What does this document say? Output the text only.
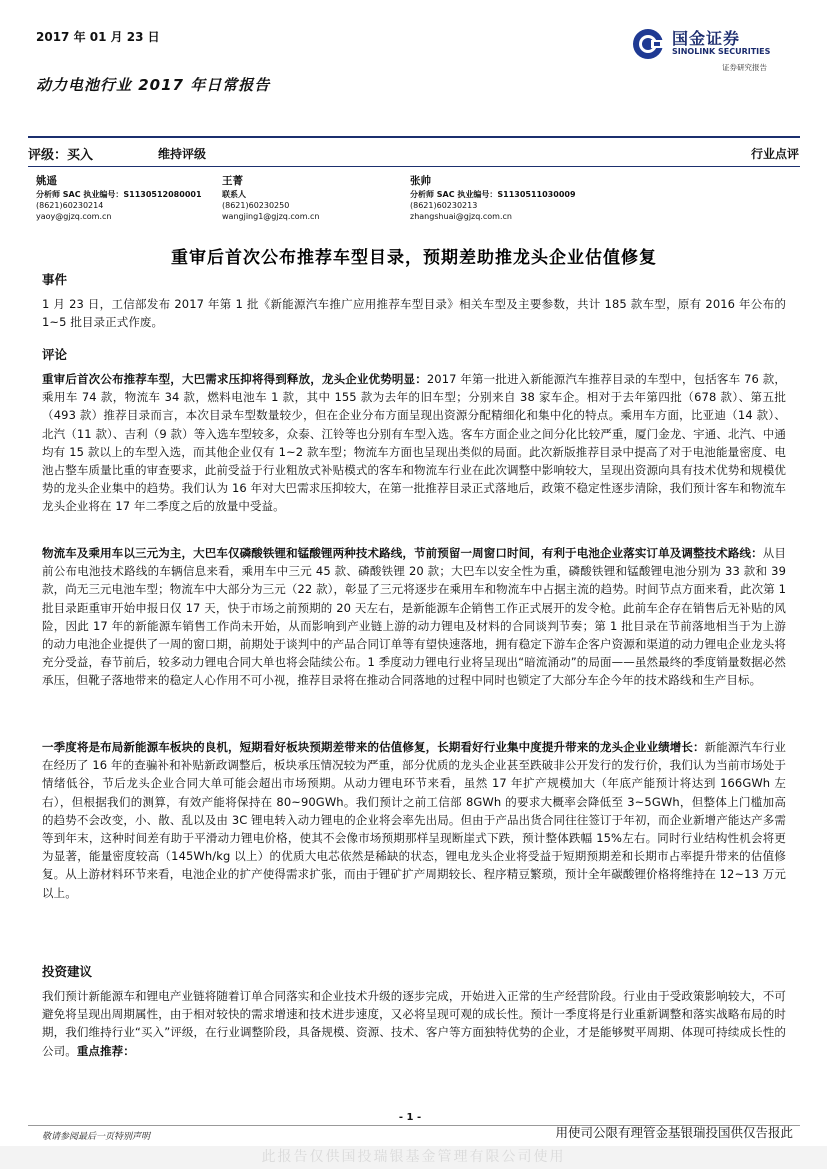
2017 年 01 月 23 日	国金证券
SINOLINK SECURITIES
证券研究报告
动力电池行业 2017 年日常报告
评级：买入	维持评级	行业点评
姚遥
分析师 SAC 执业编号：S1130512080001
(8621)60230214
yaoy@gjzq.com.cn
王菁
联系人
(8621)60230250
wangjing1@gjzq.com.cn
张帅
分析师 SAC 执业编号：S1130511030009
(8621)60230213
zhangshuai@gjzq.com.cn
重审后首次公布推荐车型目录，预期差助推龙头企业估值修复
事件
1 月 23 日，工信部发布 2017 年第 1 批《新能源汽车推广应用推荐车型目录》相关车型及主要参数，共计 185 款车型，原有 2016 年公布的 1~5 批目录正式作废。
评论
重审后首次公布推荐车型，大巴需求压抑将得到释放，龙头企业优势明显：2017 年第一批进入新能源汽车推荐目录的车型中，包括客车 76 款，乘用车 74 款，物流车 34 款，燃料电池车 1 款，其中 155 款为去年的旧车型；分别来自 38 家车企。相对于去年第四批（678 款）、第五批（493 款）推荐目录而言，本次目录车型数量较少，但在企业分布方面呈现出资源分配精细化和集中化的特点。乘用车方面，比亚迪（14 款）、北汽（11 款）、吉利（9 款）等入选车型较多，众泰、江铃等也分别有车型入选。客车方面企业之间分化比较严重，厦门金龙、宇通、北汽、中通均有 15 款以上的车型入选，而其他企业仅有 1~2 款车型；物流车方面也呈现出类似的局面。此次新版推荐目录中提高了对于电池能量密度、电池占整车质量比重的审查要求，此前受益于行业粗放式补贴模式的客车和物流车行业在此次调整中影响较大，呈现出资源向具有技术优势和规模优势的龙头企业集中的趋势。我们认为 16 年对大巴需求压抑较大，在第一批推荐目录正式落地后，政策不稳定性逐步清除，我们预计客车和物流车龙头企业将在 17 年二季度之后的放量中受益。
物流车及乘用车以三元为主，大巴车仅磷酸铁锂和锰酸锂两种技术路线，节前预留一周窗口时间，有利于电池企业落实订单及调整技术路线：从目前公布电池技术路线的车辆信息来看，乘用车中三元 45 款、磷酸铁锂 20 款；大巴车以安全性为重，磷酸铁锂和锰酸锂电池分别为 33 款和 39 款，尚无三元电池车型；物流车中大部分为三元（22 款），彰显了三元将逐步在乘用车和物流车中占据主流的趋势。时间节点方面来看，此次第 1 批目录距重审开始申报日仅 17 天，快于市场之前预期的 20 天左右，是新能源车企销售工作正式展开的发令枪。此前车企存在销售后无补贴的风险，因此 17 年的新能源车销售工作尚未开始，从而影响到产业链上游的动力锂电及材料的合同谈判节奏；第 1 批目录在节前落地相当于为上游的动力电池企业提供了一周的窗口期，前期处于谈判中的产品合同订单等有望快速落地，拥有稳定下游车企客户资源和渠道的动力锂电企业龙头将充分受益，春节前后，较多动力锂电合同大单也将会陆续公布。1 季度动力锂电行业将呈现出“暗流涌动”的局面——虽然最终的季度销量数据必然承压，但靴子落地带来的稳定人心作用不可小视，推荐目录将在推动合同落地的过程中同时也锁定了大部分车企今年的技术路线和生产目标。
一季度将是布局新能源车板块的良机，短期看好板块预期差带来的估值修复，长期看好行业集中度提升带来的龙头企业业绩增长：新能源汽车行业在经历了 16 年的查骗补和补贴新政调整后，板块承压情况较为严重，部分优质的龙头企业甚至跌破非公开发行的发行价，我们认为当前市场处于情绪低谷，节后龙头企业合同大单可能会超出市场预期。从动力锂电环节来看，虽然 17 年扩产规模加大（年底产能预计将达到 166GWh 左右），但根据我们的测算，有效产能将保持在 80~90GWh。我们预计之前工信部 8GWh 的要求大概率会降低至 3~5GWh，但整体上门槛加高的趋势不会改变，小、散、乱以及由 3C 锂电转入动力锂电的企业将会率先出局。但由于产品出货合同往往签订于年初，而企业新增产能达产多需等到年末，这种时间差有助于平滑动力锂电价格，使其不会像市场预期那样呈现断崖式下跌，预计整体跌幅 15%左右。同时行业结构性机会将更为显著，能量密度较高（145Wh/kg 以上）的优质大电芯依然是稀缺的状态，锂电龙头企业将受益于短期预期差和长期市占率提升带来的估值修复。从上游材料环节来看，电池企业的扩产使得需求扩张，而由于锂矿扩产周期较长、程序精豆繁琐，预计全年碳酸锂价格将维持在 12~13 万元以上。
投资建议
我们预计新能源车和锂电产业链将随着订单合同落实和企业技术升级的逐步完成，开始进入正常的生产经营阶段。行业由于受政策影响较大，不可避免将呈现出周期属性，由于相对较快的需求增速和技术进步速度，又必将呈现可观的成长性。预计一季度将是行业重新调整和落实战略布局的时期，我们维持行业“买入”评级，在行业调整阶段，具备规模、资源、技术、客户等方面独特优势的企业，才是能够熨平周期、体现可持续成长性的公司。重点推荐：
- 1 -
敬请参阅最后一页特别声明	用使司公限有理管金基银瑞投国供仅告报此
此报告仅供国投瑞银基金管理有限公司使用
